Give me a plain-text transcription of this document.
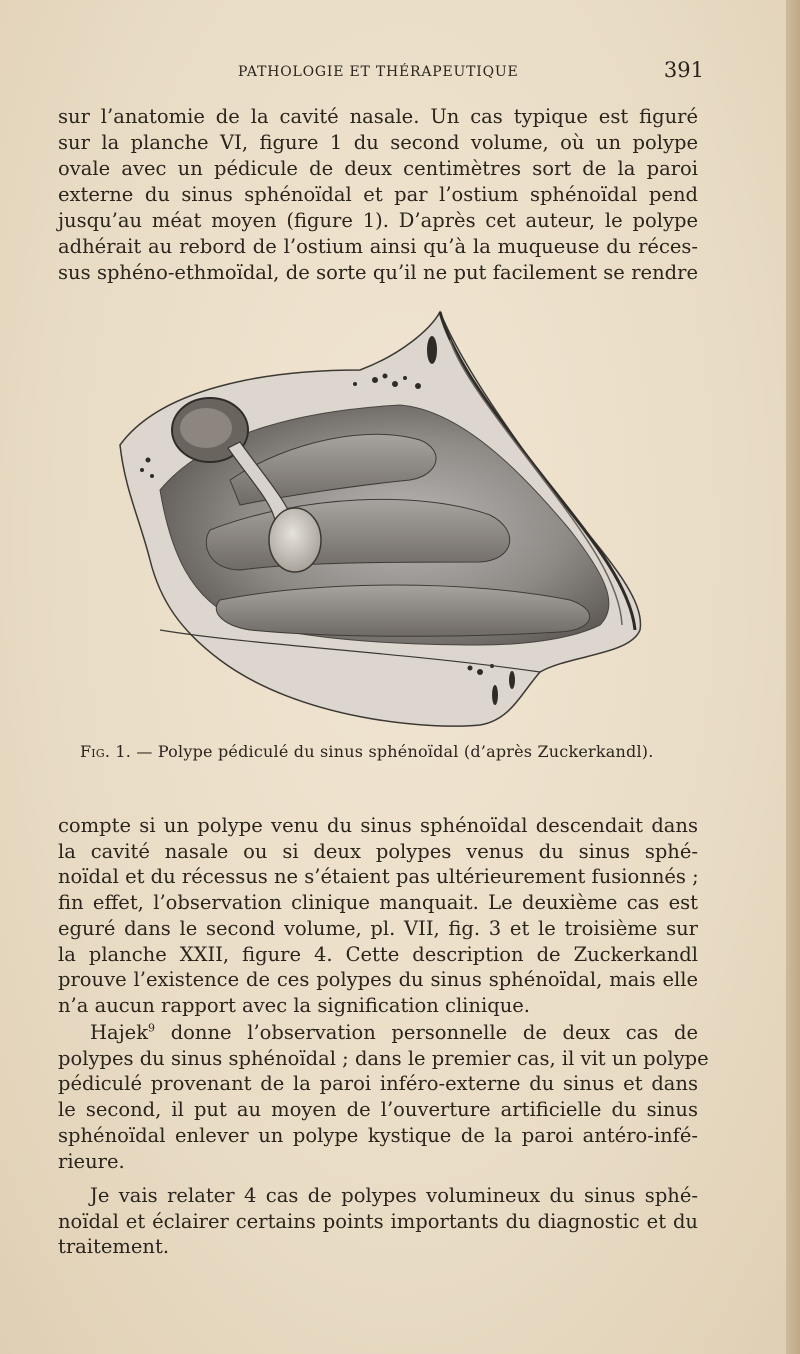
PATHOLOGIE ET THÉRAPEUTIQUE	391
sur l’anatomie de la cavité nasale. Un cas typique est figuré
sur la planche VI, figure 1 du second volume, où un polype
ovale avec un pédicule de deux centimètres sort de la paroi
externe du sinus sphénoïdal et par l’ostium sphénoïdal pend
jusqu’au méat moyen (figure 1). D’après cet auteur, le polype
adhérait au rebord de l’ostium ainsi qu’à la muqueuse du réces-
sus sphéno-ethmoïdal, de sorte qu’il ne put facilement se rendre
Fig. 1. — Polype pédiculé du sinus sphénoïdal (d’après Zuckerkandl).
compte si un polype venu du sinus sphénoïdal descendait dans
la cavité nasale ou si deux polypes venus du sinus sphé-
noïdal et du récessus ne s’étaient pas ultérieurement fusionnés ;
fin effet, l’observation clinique manquait. Le deuxième cas est
eguré dans le second volume, pl. VII, fig. 3 et le troisième sur
la planche XXII, figure 4. Cette description de Zuckerkandl
prouve l’existence de ces polypes du sinus sphénoïdal, mais elle
n’a aucun rapport avec la signification clinique.
Hajek$^9$ donne l’observation personnelle de deux cas de
polypes du sinus sphénoïdal ; dans le premier cas, il vit un polype
pédiculé provenant de la paroi inféro-externe du sinus et dans
le second, il put au moyen de l’ouverture artificielle du sinus
sphénoïdal enlever un polype kystique de la paroi antéro-infé-
rieure.
Je vais relater 4 cas de polypes volumineux du sinus sphé-
noïdal et éclairer certains points importants du diagnostic et du
traitement.
